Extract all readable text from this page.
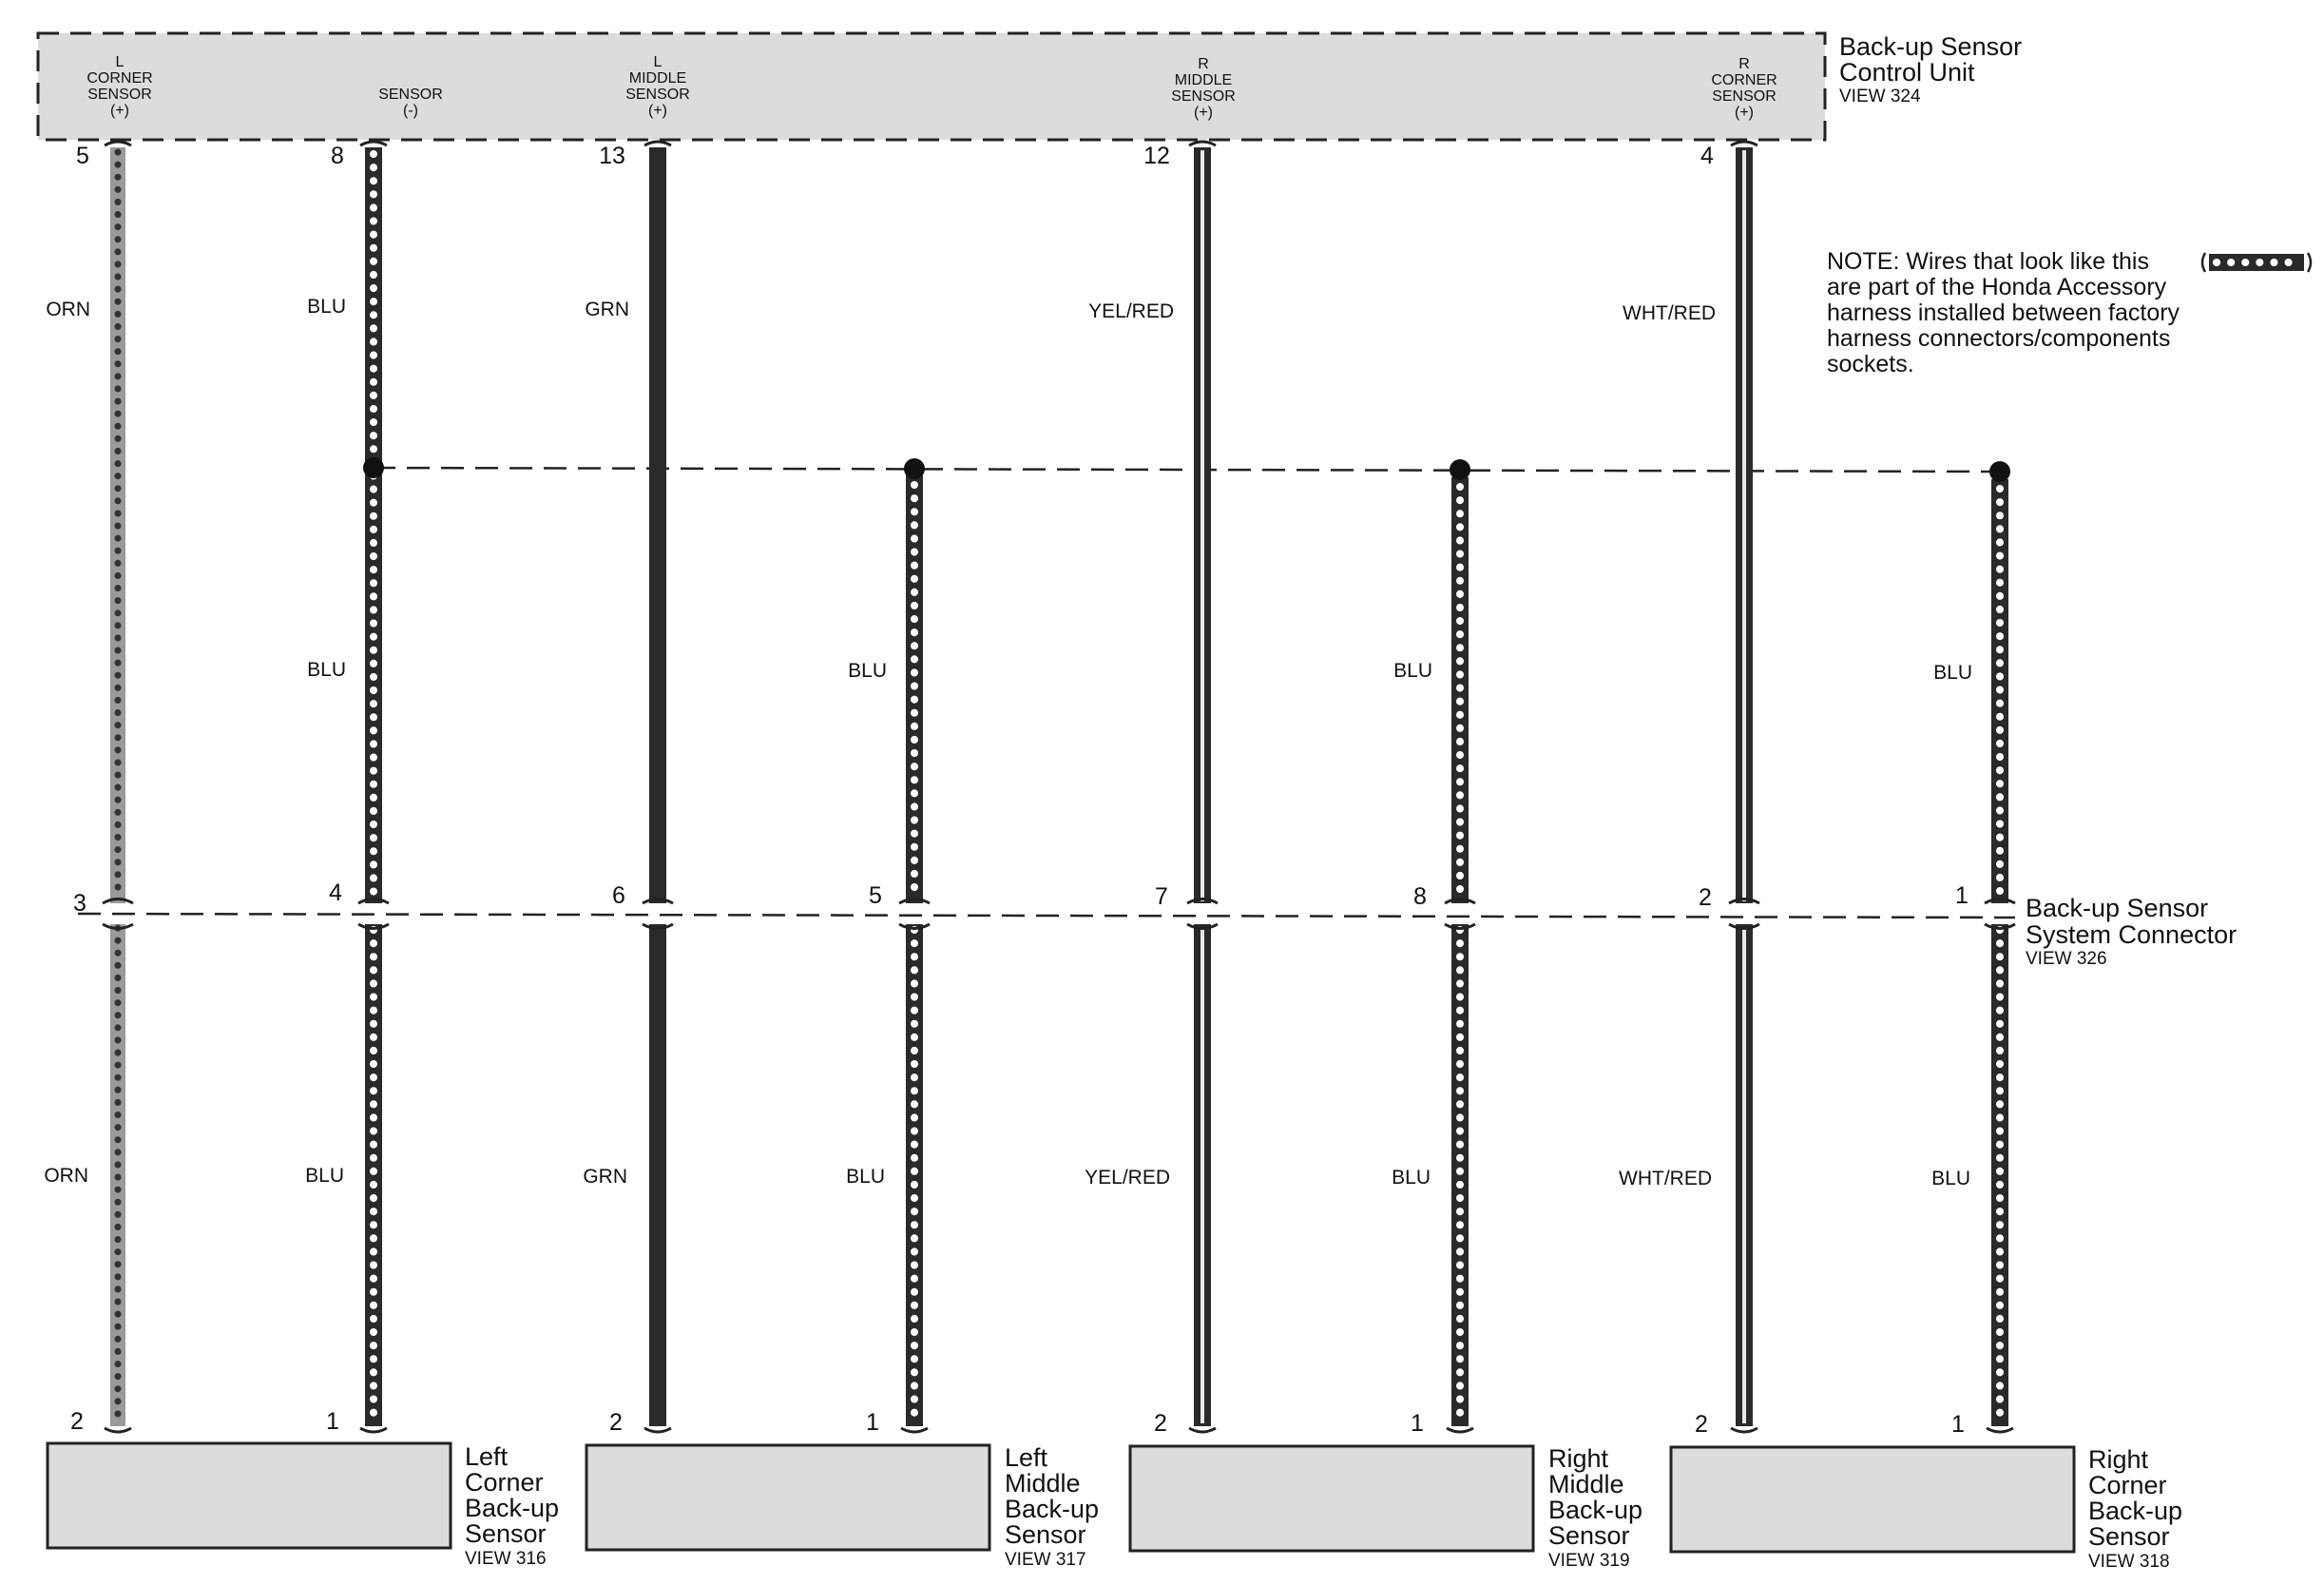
Back-up Sensor
Control Unit
VIEW 324
L
CORNER
SENSOR
(+)
SENSOR
(-)
L
MIDDLE
SENSOR
(+)
R
MIDDLE
SENSOR
(+)
R
CORNER
SENSOR
(+)
5	8	13	12	4
ORN	BLU	GRN	YEL/RED	WHT/RED
BLU	BLU	BLU	BLU
ORN	BLU	GRN	BLU	YEL/RED	BLU	WHT/RED	BLU
3	4	6	5	7	8	2	1 Back-up Sensor
System Connector
VIEW 326
2	1	2	1	2	1	2	1
Left
Corner
Back-up
Sensor
Left
Middle
Back-up
Sensor
Right
Middle
Back-up
Sensor
Right
Corner
Back-up
Sensor
VIEW 316	VIEW 317	VIEW 319	VIEW 318
NOTE: Wires that look like this
are part of the Honda Accessory
harness installed between factory
harness connectors/components
sockets.
